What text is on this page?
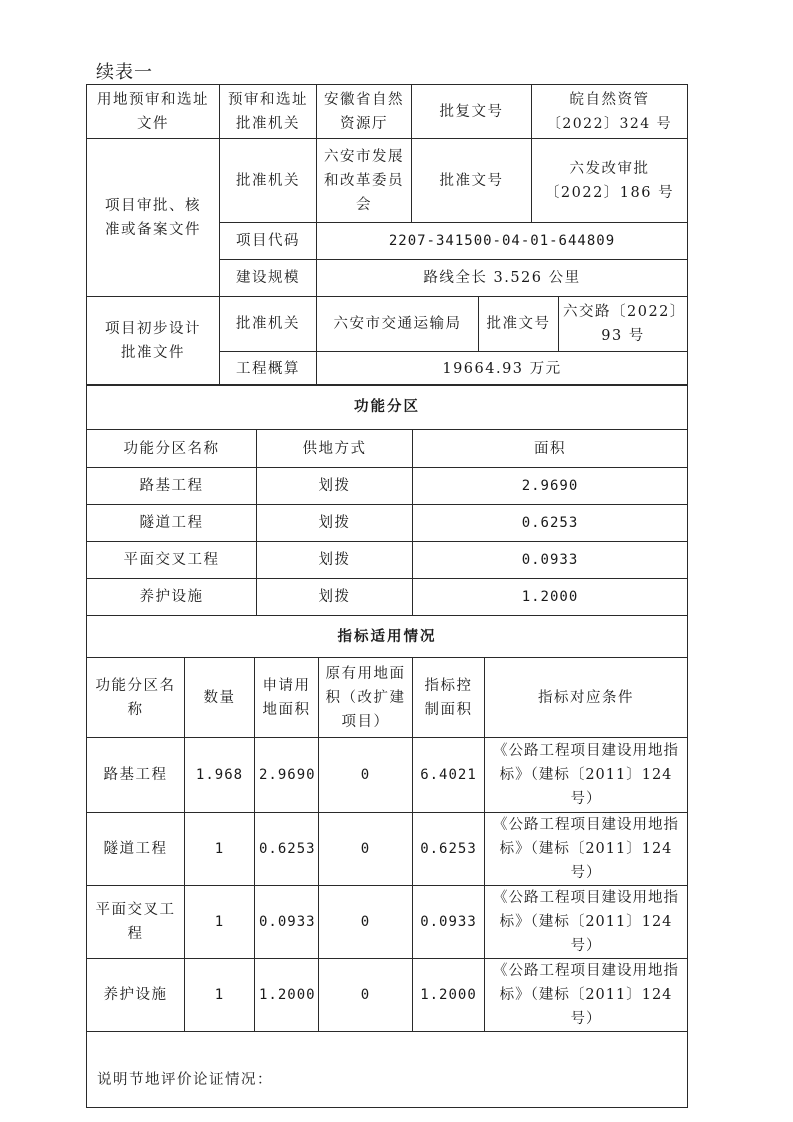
续表一
用地预审和选址文件	预审和选址批准机关	安徽省自然资源厅	批复文号	皖自然资管
〔2022〕324 号

项目审批、核准或备案文件	批准机关	六安市发展和改革委员会	批准文号	六发改审批
〔2022〕186 号

	项目代码	2207-341500-04-01-644809		
	建设规模	路线全长 3.526 公里		
项目初步设计批准文件	批准机关	六安市交通运输局	批准文号	六交路〔2022〕
93 号

	工程概算	19664.93 万元		
功能分区		
功能分区名称	供地方式	面积
路基工程	划拨	2.9690
隧道工程	划拨	0.6253
平面交叉工程	划拨	0.0933
养护设施	划拨	1.2000
指标适用情况					
功能分区名称	数量	申请用地面积	原有用地面积（改扩建项目）	指标控制面积	指标对应条件
路基工程	1.968	2.9690	0	6.4021	《公路工程项目建设用地指标》（建标〔2011〕124 号）
隧道工程	1	0.6253	0	0.6253	《公路工程项目建设用地指标》（建标〔2011〕124 号）
平面交叉工程	1	0.0933	0	0.0933	《公路工程项目建设用地指标》（建标〔2011〕124 号）
养护设施	1	1.2000	0	1.2000	《公路工程项目建设用地指标》（建标〔2011〕124 号）
说明节地评价论证情况：					
